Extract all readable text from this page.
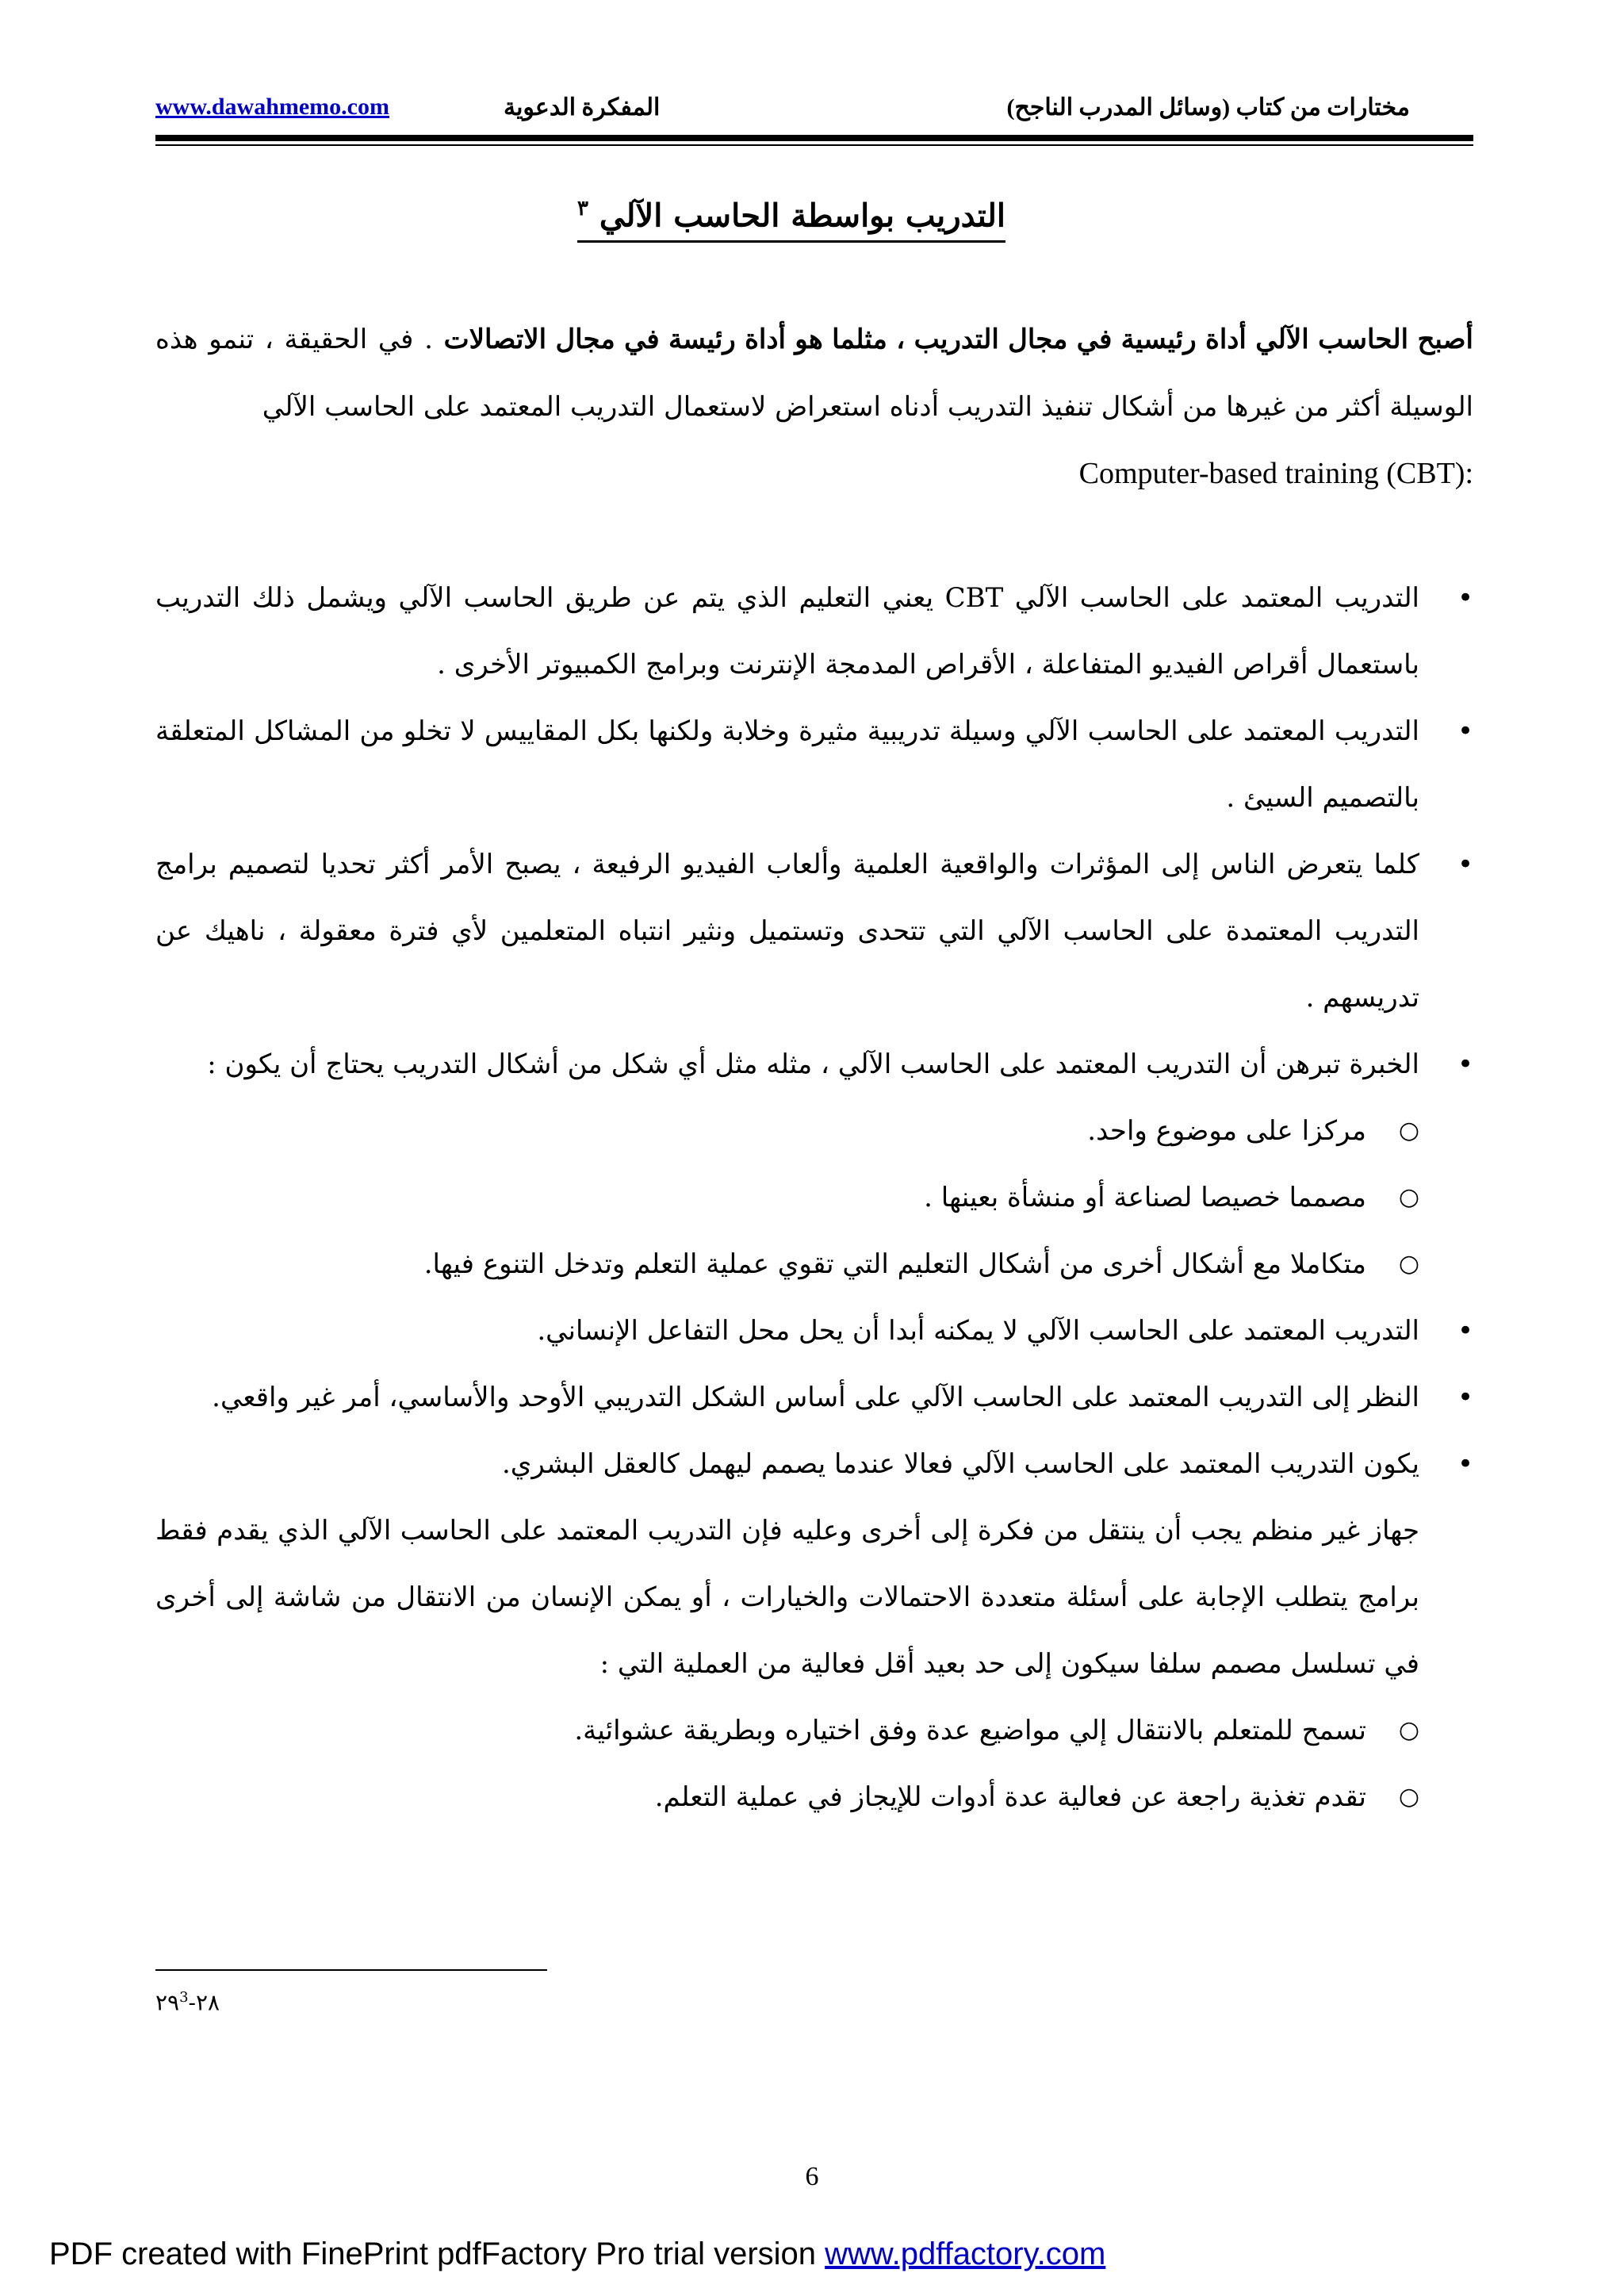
www.dawahmemo.com	المفكرة الدعوية	مختارات من كتاب (وسائل المدرب الناجح)
التدريب بواسطة الحاسب الآلي $^٣$
أصبح الحاسب الآلي أداة رئيسية في مجال التدريب ، مثلما هو أداة رئيسة في مجال الاتصالات . في الحقيقة ، تنمو هذه الوسيلة أكثر من غيرها من أشكال تنفيذ التدريب أدناه استعراض لاستعمال التدريب المعتمد على الحاسب الآلي
Computer-based training (CBT):

• التدريب المعتمد على الحاسب الآلي CBT يعني التعليم الذي يتم عن طريق الحاسب الآلي ويشمل ذلك التدريب باستعمال أقراص الفيديو المتفاعلة ، الأقراص المدمجة الإنترنت وبرامج الكمبيوتر الأخرى .

• التدريب المعتمد على الحاسب الآلي وسيلة تدريبية مثيرة وخلابة ولكنها بكل المقاييس لا تخلو من المشاكل المتعلقة بالتصميم السيئ .

• كلما يتعرض الناس إلى المؤثرات والواقعية العلمية وألعاب الفيديو الرفيعة ، يصبح الأمر أكثر تحديا لتصميم برامج التدريب المعتمدة على الحاسب الآلي التي تتحدى وتستميل ونثير انتباه المتعلمين لأي فترة معقولة ، ناهيك عن تدريسهم .

• الخبرة تبرهن أن التدريب المعتمد على الحاسب الآلي ، مثله مثل أي شكل من أشكال التدريب يحتاج أن يكون :

○
مركزا على موضوع واحد.

○
مصمما خصيصا لصناعة أو منشأة بعينها .

○
متكاملا مع أشكال أخرى من أشكال التعليم التي تقوي عملية التعلم وتدخل التنوع فيها.

• التدريب المعتمد على الحاسب الآلي لا يمكنه أبدا أن يحل محل التفاعل الإنساني.

• النظر إلى التدريب المعتمد على الحاسب الآلي على أساس الشكل التدريبي الأوحد والأساسي، أمر غير واقعي.

• يكون التدريب المعتمد على الحاسب الآلي فعالا عندما يصمم ليهمل كالعقل البشري.

جهاز غير منظم يجب أن ينتقل من فكرة إلى أخرى وعليه فإن التدريب المعتمد على الحاسب الآلي الذي يقدم فقط برامج يتطلب الإجابة على أسئلة متعددة الاحتمالات والخيارات ، أو يمكن الإنسان من الانتقال من شاشة إلى أخرى في تسلسل مصمم سلفا سيكون إلى حد بعيد أقل فعالية من العملية التي :

○
تسمح للمتعلم بالانتقال إلي مواضيع عدة وفق اختياره وبطريقة عشوائية.

○
تقدم تغذية راجعة عن فعالية عدة أدوات للإيجاز في عملية التعلم.

$٢٨-٢٩^3$
6
PDF created with FinePrint pdfFactory Pro trial version www.pdffactory.com
